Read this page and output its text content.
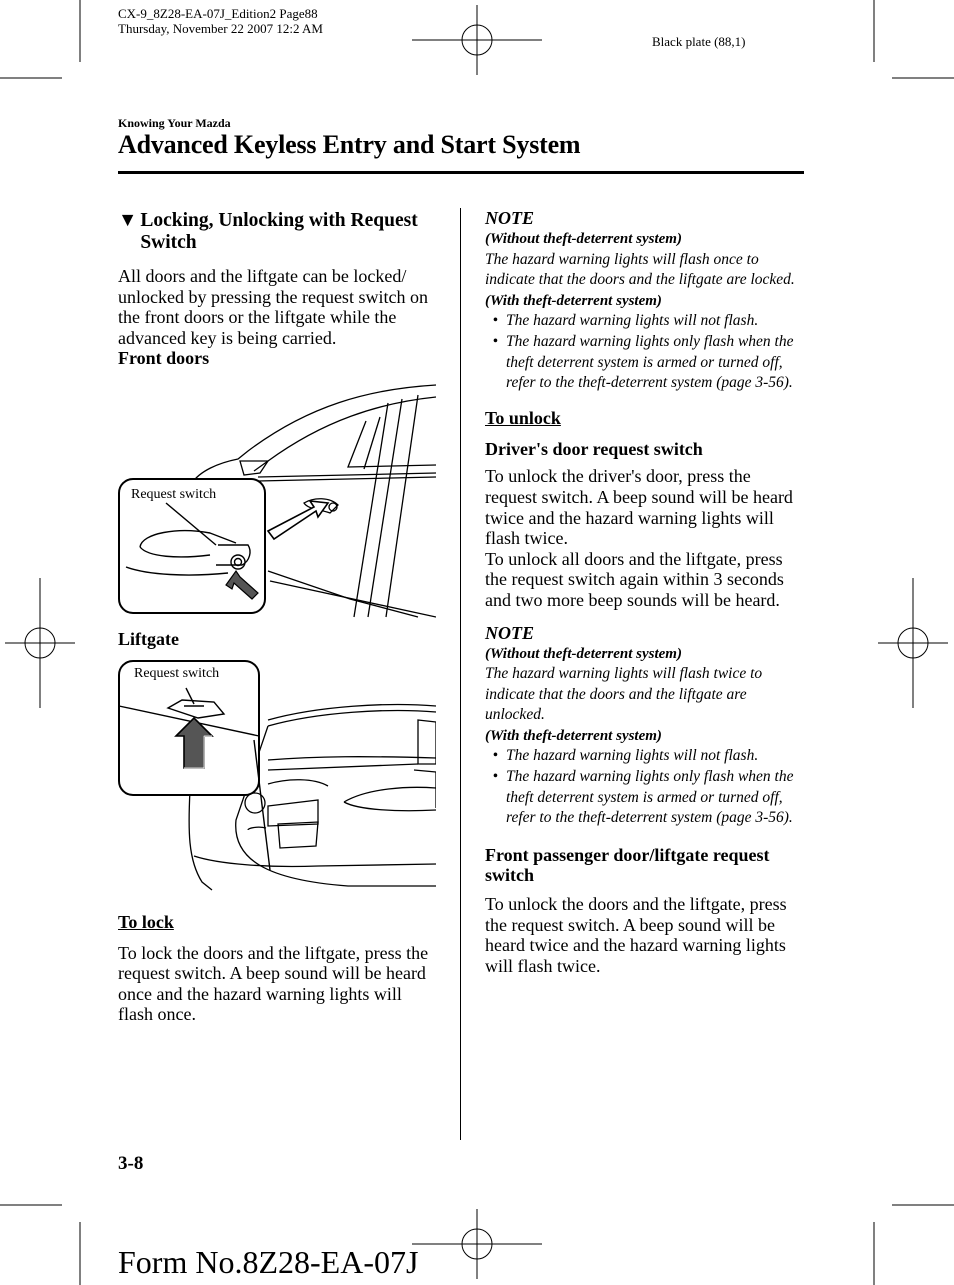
CX-9_8Z28-EA-07J_Edition2 Page88
Thursday, November 22 2007 12:2 AM
Black plate (88,1)
Knowing Your Mazda
Advanced Keyless Entry and Start System
▼ Locking, Unlocking with Request Switch

All doors and the liftgate can be locked/ unlocked by pressing the request switch on the front doors or the liftgate while the advanced key is being carried.

Front doors

Request switch

Liftgate

Request switch

To lock

To lock the doors and the liftgate, press the request switch. A beep sound will be heard once and the hazard warning lights will flash once.

NOTE

(Without theft-deterrent system)

The hazard warning lights will flash once to indicate that the doors and the liftgate are locked.

(With theft-deterrent system)

• The hazard warning lights will not flash.
• The hazard warning lights only flash when the theft deterrent system is armed or turned off, refer to the theft-deterrent system (page 3-56).

To unlock

Driver's door request switch

To unlock the driver's door, press the request switch. A beep sound will be heard twice and the hazard warning lights will flash twice.

To unlock all doors and the liftgate, press the request switch again within 3 seconds and two more beep sounds will be heard.

NOTE

(Without theft-deterrent system)

The hazard warning lights will flash twice to indicate that the doors and the liftgate are unlocked.

(With theft-deterrent system)

• The hazard warning lights will not flash.
• The hazard warning lights only flash when the theft deterrent system is armed or turned off, refer to the theft-deterrent system (page 3-56).

Front passenger door/liftgate request switch

To unlock the doors and the liftgate, press the request switch. A beep sound will be heard twice and the hazard warning lights will flash twice.

3-8
Form No.8Z28-EA-07J
